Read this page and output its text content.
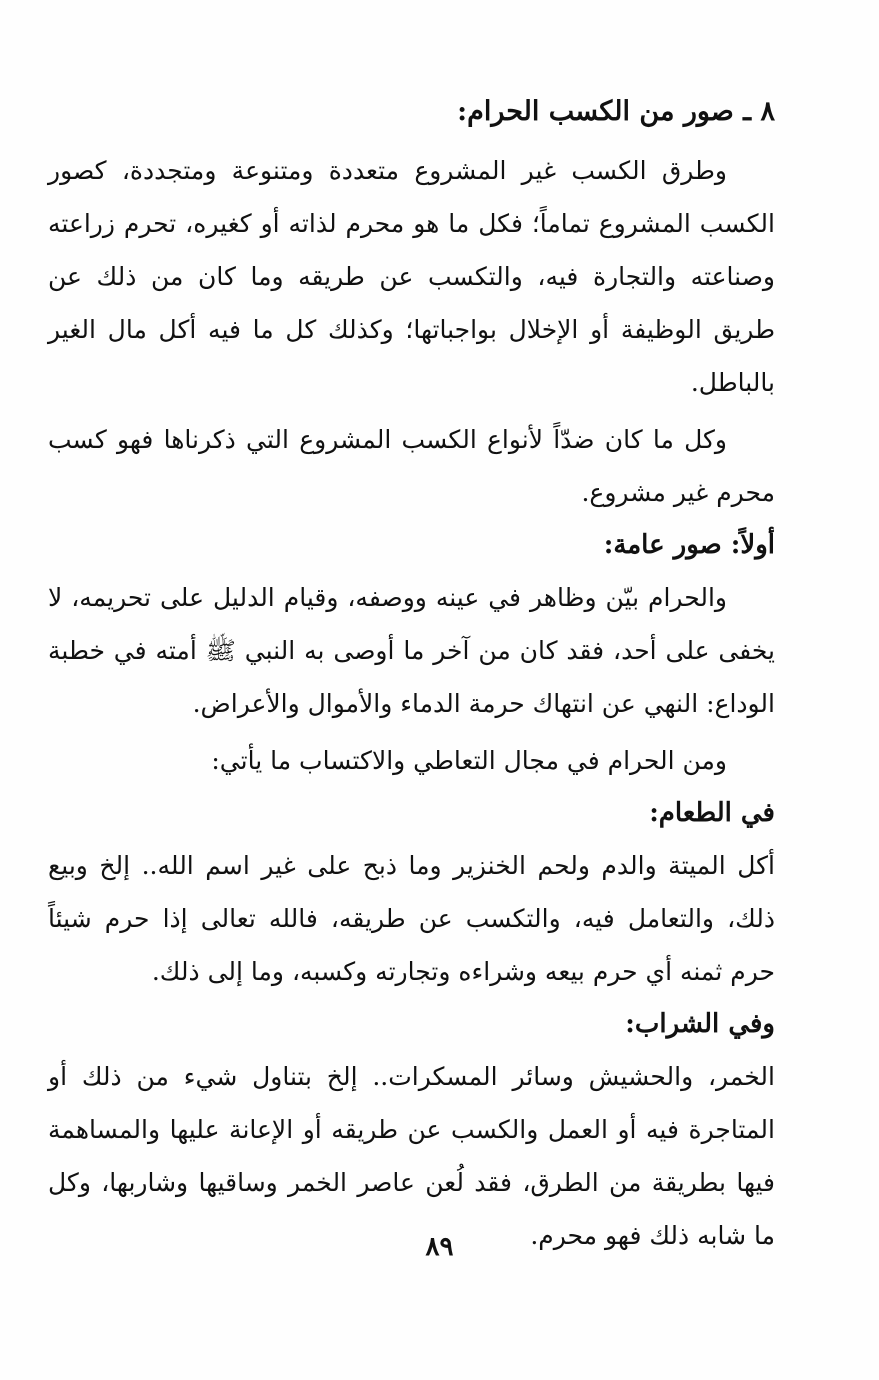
٨ ـ صور من الكسب الحرام:

وطرق الكسب غير المشروع متعددة ومتنوعة ومتجددة، كصور الكسب المشروع تماماً؛ فكل ما هو محرم لذاته أو كغيره، تحرم زراعته وصناعته والتجارة فيه، والتكسب عن طريقه وما كان من ذلك عن طريق الوظيفة أو الإخلال بواجباتها؛ وكذلك كل ما فيه أكل مال الغير بالباطل.

وكل ما كان ضدّاً لأنواع الكسب المشروع التي ذكرناها فهو كسب محرم غير مشروع.

أولاً: صور عامة:

والحرام بيّن وظاهر في عينه ووصفه، وقيام الدليل على تحريمه، لا يخفى على أحد، فقد كان من آخر ما أوصى به النبي ﷺ أمته في خطبة الوداع: النهي عن انتهاك حرمة الدماء والأموال والأعراض.

ومن الحرام في مجال التعاطي والاكتساب ما يأتي:

في الطعام:

أكل الميتة والدم ولحم الخنزير وما ذبح على غير اسم الله.. إلخ وبيع ذلك، والتعامل فيه، والتكسب عن طريقه، فالله تعالى إذا حرم شيئاً حرم ثمنه أي حرم بيعه وشراءه وتجارته وكسبه، وما إلى ذلك.

وفي الشراب:

الخمر، والحشيش وسائر المسكرات.. إلخ بتناول شيء من ذلك أو المتاجرة فيه أو العمل والكسب عن طريقه أو الإعانة عليها والمساهمة فيها بطريقة من الطرق، فقد لُعن عاصر الخمر وساقيها وشاربها، وكل ما شابه ذلك فهو محرم.

٨٩
